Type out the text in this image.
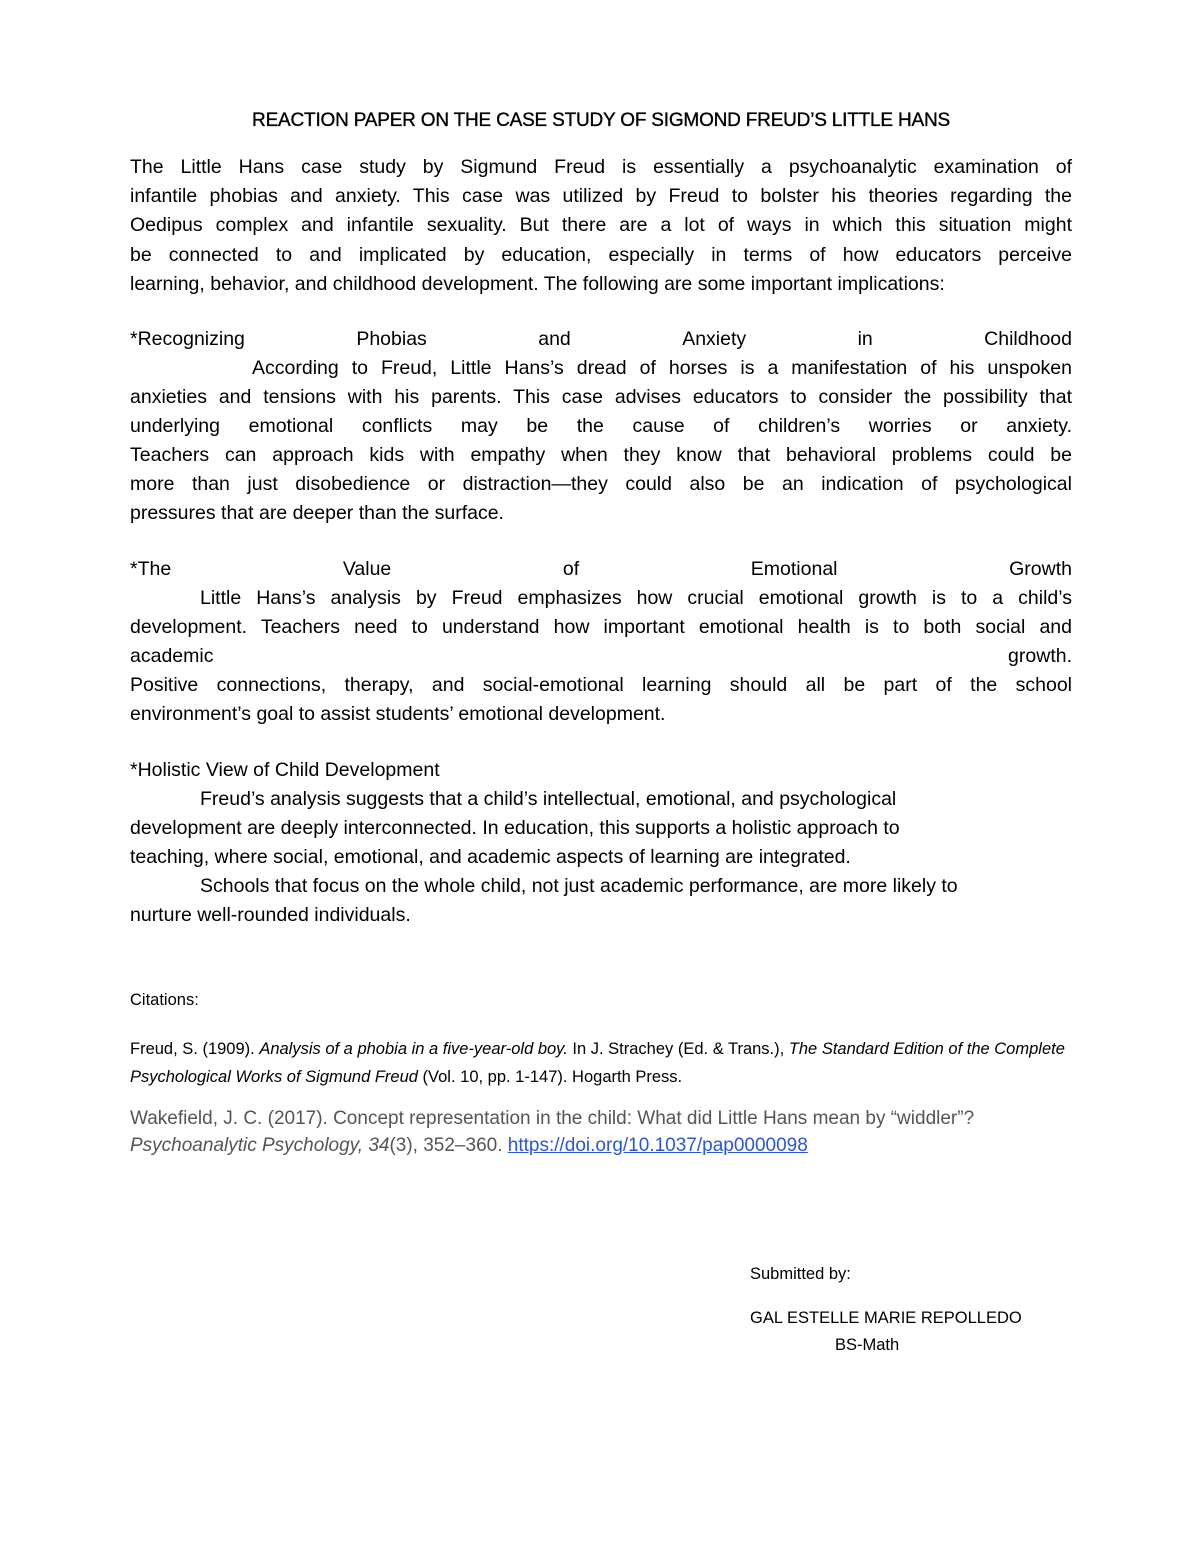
REACTION PAPER ON THE CASE STUDY OF SIGMOND FREUD’S LITTLE HANS
The Little Hans case study by Sigmund Freud is essentially a psychoanalytic examination of
infantile phobias and anxiety. This case was utilized by Freud to bolster his theories regarding the
Oedipus complex and infantile sexuality. But there are a lot of ways in which this situation might
be connected to and implicated by education, especially in terms of how educators perceive
learning, behavior, and childhood development. The following are some important implications:
*Recognizing	Phobias	and	Anxiety	in	Childhood
According to Freud, Little Hans’s dread of horses is a manifestation of his unspoken
anxieties and tensions with his parents. This case advises educators to consider the possibility that
underlying emotional conflicts may be the cause of children’s worries or anxiety.
Teachers can approach kids with empathy when they know that behavioral problems could be
more than just disobedience or distraction—they could also be an indication of psychological
pressures that are deeper than the surface.
*The	Value	of	Emotional	Growth
Little Hans’s analysis by Freud emphasizes how crucial emotional growth is to a child’s
development. Teachers need to understand how important emotional health is to both social and
academic	growth.
Positive connections, therapy, and social-emotional learning should all be part of the school
environment’s goal to assist students’ emotional development.
*Holistic View of Child Development
Freud’s analysis suggests that a child’s intellectual, emotional, and psychological
development are deeply interconnected. In education, this supports a holistic approach to
teaching, where social, emotional, and academic aspects of learning are integrated.
Schools that focus on the whole child, not just academic performance, are more likely to
nurture well-rounded individuals.
Citations:
Freud, S. (1909). Analysis of a phobia in a five-year-old boy. In J. Strachey (Ed. & Trans.), The Standard Edition of the Complete Psychological Works of Sigmund Freud (Vol. 10, pp. 1-147). Hogarth Press.
Wakefield, J. C. (2017). Concept representation in the child: What did Little Hans mean by “widdler”? Psychoanalytic Psychology, 34(3), 352–360. https://doi.org/10.1037/pap0000098
Submitted by:
GAL ESTELLE MARIE REPOLLEDO
BS-Math
